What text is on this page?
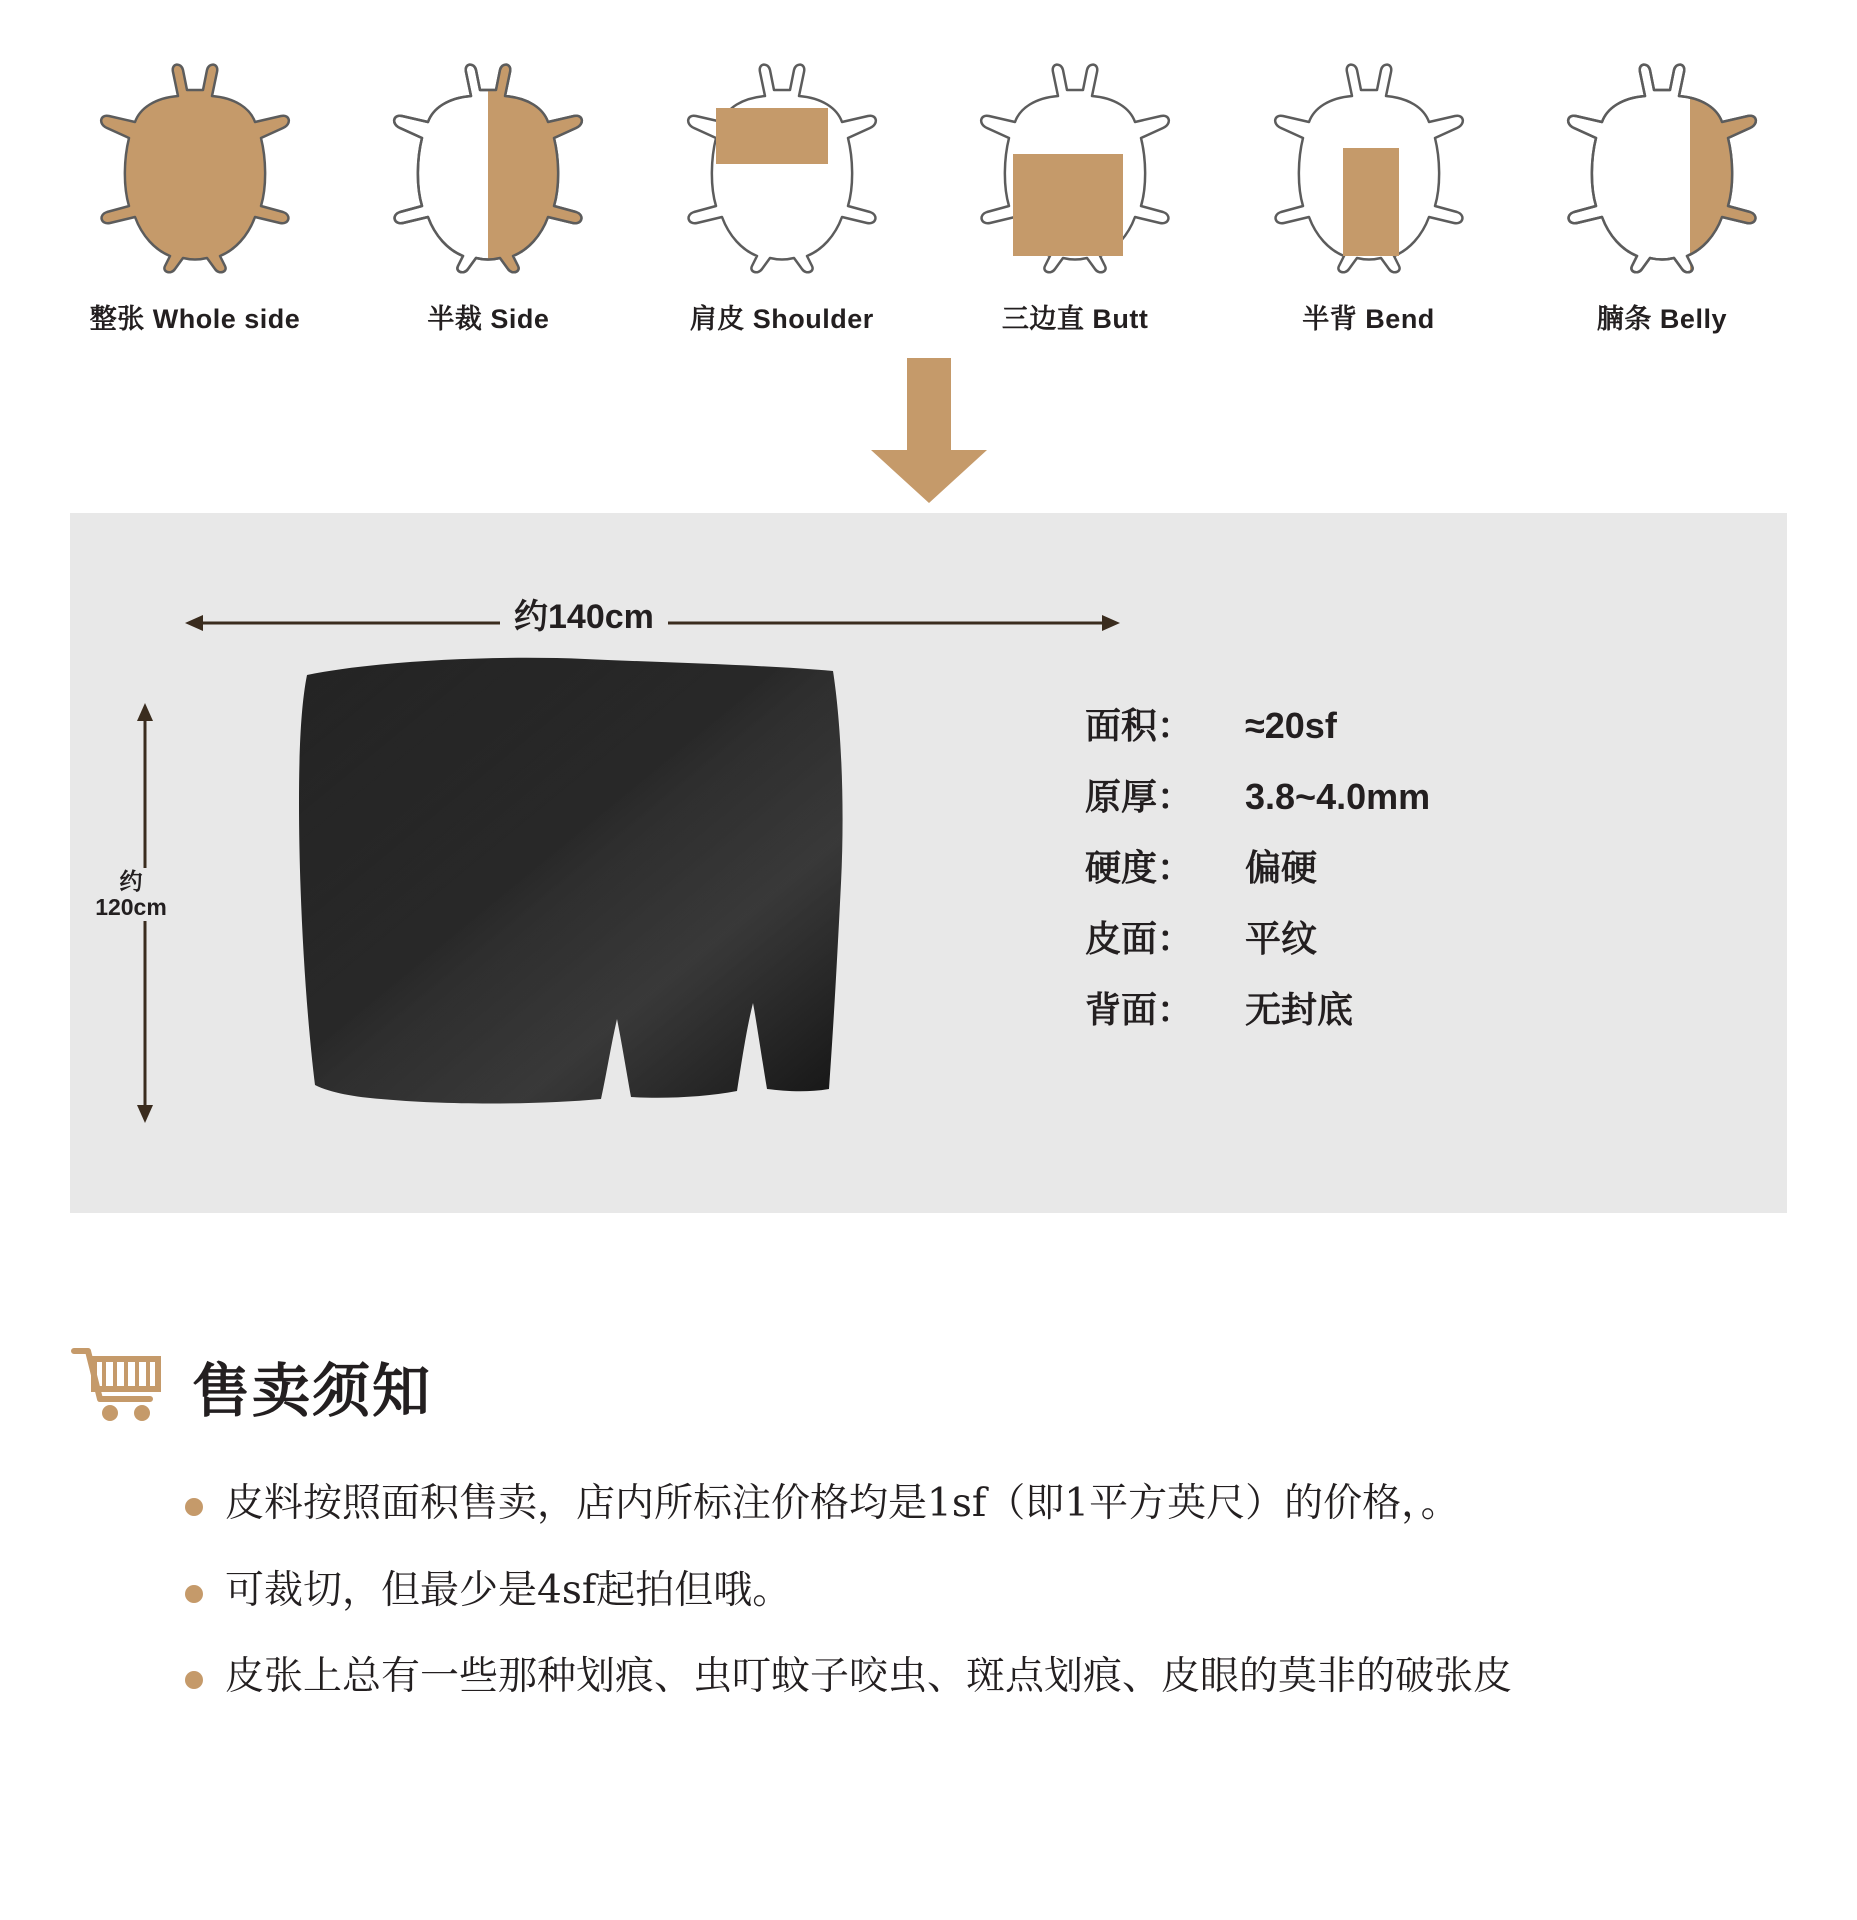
整张 Whole side	半裁 Side	肩皮 Shoulder	三边直 Butt	半背 Bend	腩条 Belly
约140cm
约
120cm
面积：	≈20sf
原厚：	3.8~4.0mm
硬度：	偏硬
皮面：	平纹
背面：	无封底
售卖须知
皮料按照面积售卖，店内所标注价格均是1sf（即1平方英尺）的价格，。
可裁切，但最少是4sf起拍但哦。
皮张上总有一些那种划痕、虫叮蚊子咬虫、斑点划痕、皮眼的莫非的破张皮
